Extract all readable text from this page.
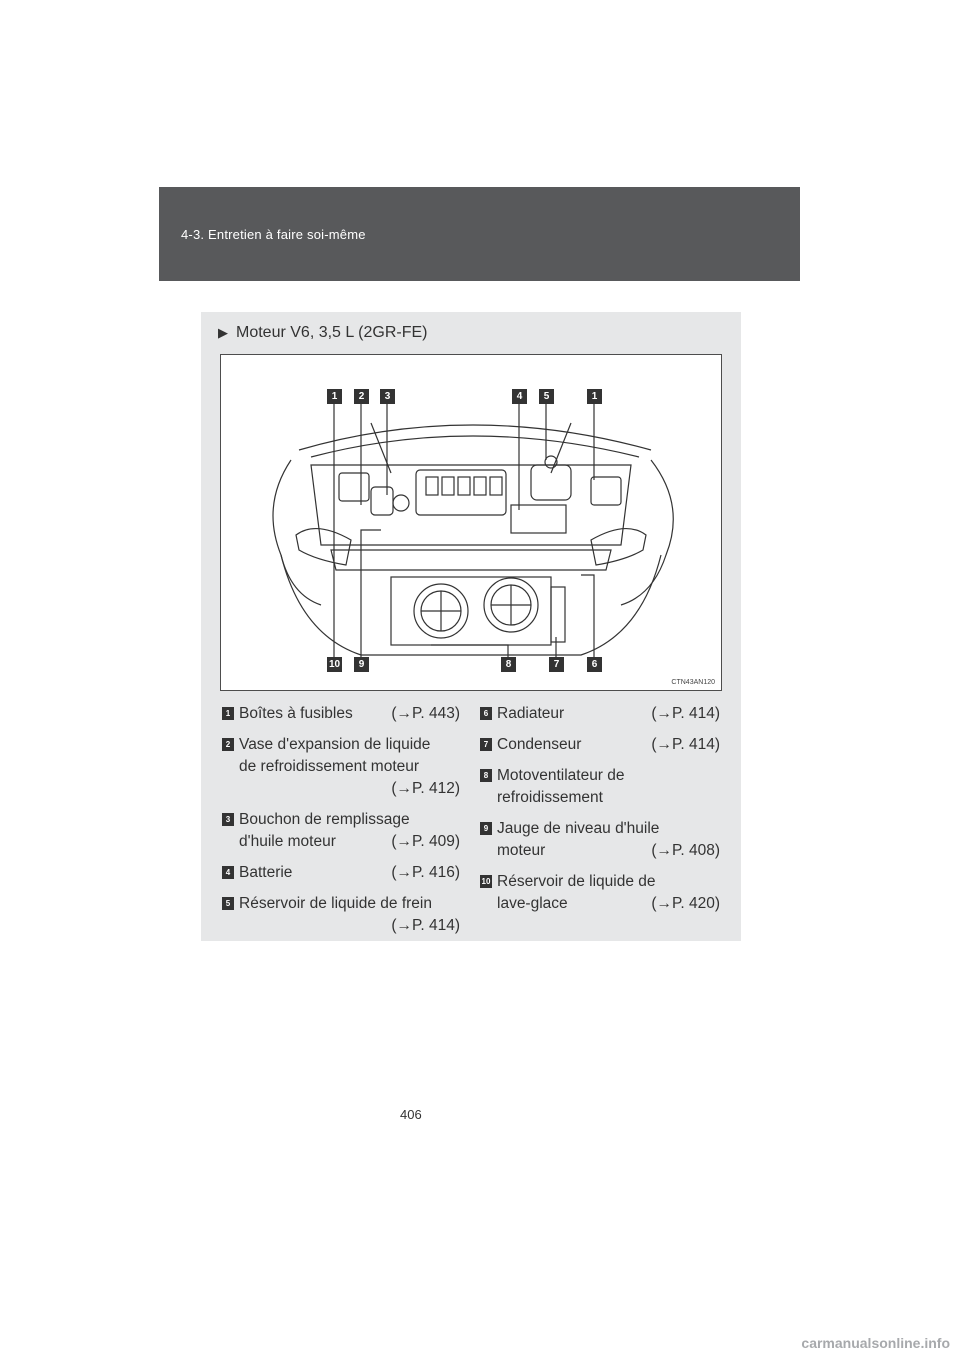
4-3. Entretien à faire soi-même
▶ Moteur V6, 3,5 L (2GR-FE)
1	2	3	4	5	1
10	9	8	7	6
CTN43AN120
1 Boîtes à fusibles (→P. 443)
2 Vase d'expansion de liquide
de refroidissement moteur
(→P. 412)
3 Bouchon de remplissage
d'huile moteur	(→P. 409)
4 Batterie	(→P. 416)
5 Réservoir de liquide de frein
(→P. 414)
6 Radiateur	(→P. 414)
7 Condenseur	(→P. 414)
8 Motoventilateur de
refroidissement
9 Jauge de niveau d'huile
moteur	(→P. 408)
10 Réservoir de liquide de
lave-glace	(→P. 420)
406
carmanualsonline.info
